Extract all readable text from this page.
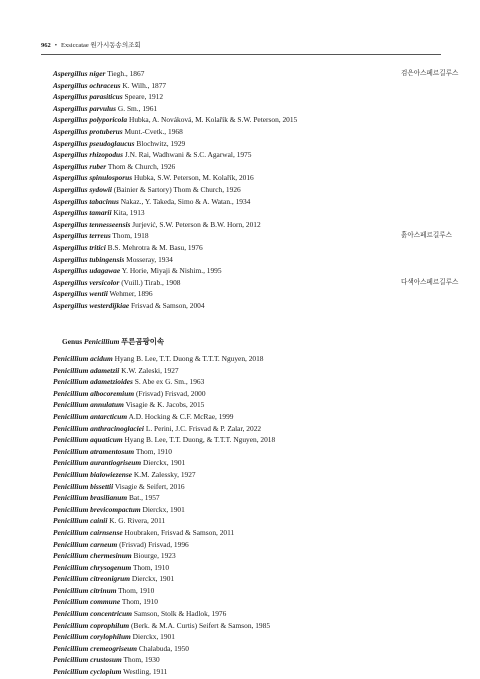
962 • Exsiccatae 원가시동송의조회
Aspergillus niger Tiegh., 1867	검은아스페르길루스
Aspergillus ochraceus K. Wilh., 1877
Aspergillus parasiticus Speare, 1912
Aspergillus parvulus G. Sm., 1961
Aspergillus polyporicola Hubka, A. Nováková, M. Kolařík & S.W. Peterson, 2015
Aspergillus protuberus Munt.-Cvetk., 1968
Aspergillus pseudoglaucus Blochwitz, 1929
Aspergillus rhizopodus J.N. Rai, Wadhwani & S.C. Agarwal, 1975
Aspergillus ruber Thom & Church, 1926
Aspergillus spinulosporus Hubka, S.W. Peterson, M. Kolařík, 2016
Aspergillus sydowii (Bainier & Sartory) Thom & Church, 1926
Aspergillus tabacinus Nakaz., Y. Takeda, Simo & A. Watan., 1934
Aspergillus tamarii Kita, 1913
Aspergillus tennesseensis Jurjević, S.W. Peterson & B.W. Horn, 2012
Aspergillus terreus Thom, 1918	흙아스페르길루스
Aspergillus tritici B.S. Mehrotra & M. Basu, 1976
Aspergillus tubingensis Mosseray, 1934
Aspergillus udagawae Y. Horie, Miyaji & Nishim., 1995
Aspergillus versicolor (Vuill.) Tirab., 1908	다색아스페르길루스
Aspergillus wentii Wehmer, 1896
Aspergillus westerdijkiae Frisvad & Samson, 2004
Genus Penicillium 푸른곰팡이속
Penicillium acidum Hyang B. Lee, T.T. Duong & T.T.T. Nguyen, 2018
Penicillium adametzii K.W. Zaleski, 1927
Penicillium adametzioides S. Abe ex G. Sm., 1963
Penicillium albocoremium (Frisvad) Frisvad, 2000
Penicillium annulatum Visagie & K. Jacobs, 2015
Penicillium antarcticum A.D. Hocking & C.F. McRae, 1999
Penicillium anthracinoglaciei L. Perini, J.C. Frisvad & P. Zalar, 2022
Penicillium aquaticum Hyang B. Lee, T.T. Duong, & T.T.T. Nguyen, 2018
Penicillium atramentosum Thom, 1910
Penicillium aurantiogriseum Dierckx, 1901
Penicillium bialowiezense K.M. Zalessky, 1927
Penicillium bissettii Visagie & Seifert, 2016
Penicillium brasilianum Bat., 1957
Penicillium brevicompactum Dierckx, 1901
Penicillium cainii K. G. Rivera, 2011
Penicillium cairnsense Houbraken, Frisvad & Samson, 2011
Penicillium carneum (Frisvad) Frisvad, 1996
Penicillium chermesinum Biourge, 1923
Penicillium chrysogenum Thom, 1910
Penicillium citreonigrum Dierckx, 1901
Penicillium citrinum Thom, 1910
Penicillium commune Thom, 1910
Penicillium concentricum Samson, Stolk & Hadlok, 1976
Penicillium coprophilum (Berk. & M.A. Curtis) Seifert & Samson, 1985
Penicillium corylophilum Dierckx, 1901
Penicillium cremeogriseum Chalabuda, 1950
Penicillium crustosum Thom, 1930
Penicillium cyclopium Westling, 1911
